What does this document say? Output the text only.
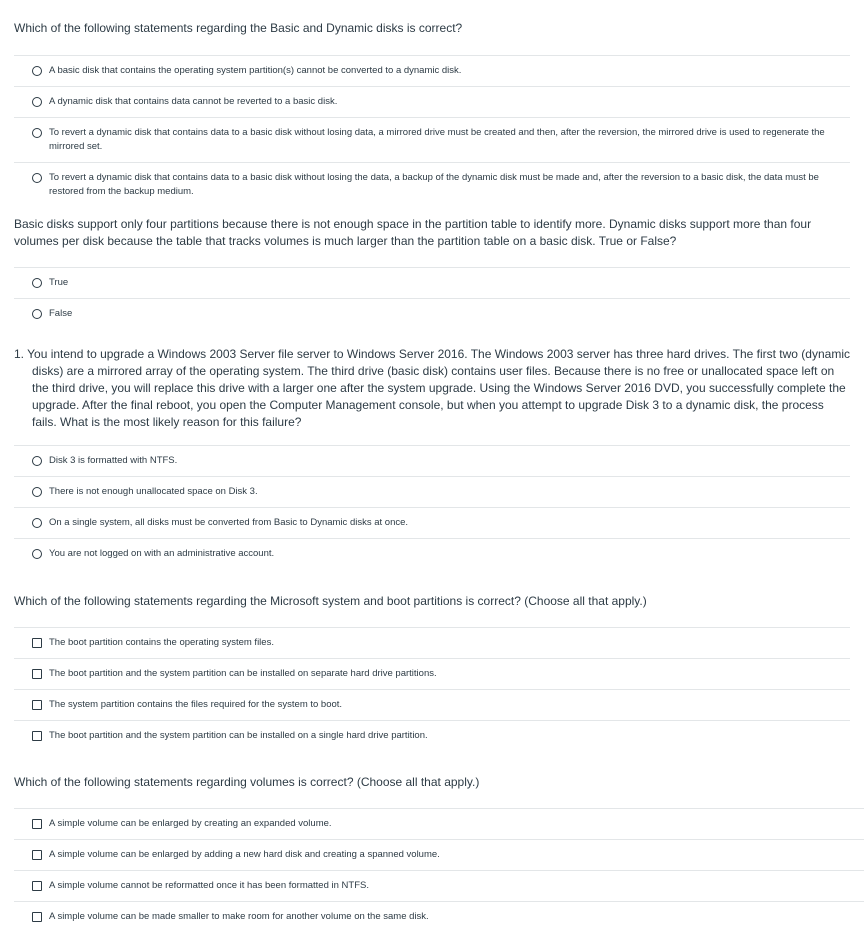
Which of the following statements regarding the Basic and Dynamic disks is correct?
A basic disk that contains the operating system partition(s) cannot be converted to a dynamic disk.
A dynamic disk that contains data cannot be reverted to a basic disk.
To revert a dynamic disk that contains data to a basic disk without losing data, a mirrored drive must be created and then, after the reversion, the mirrored drive is used to regenerate the mirrored set.
To revert a dynamic disk that contains data to a basic disk without losing the data, a backup of the dynamic disk must be made and, after the reversion to a basic disk, the data must be restored from the backup medium.
Basic disks support only four partitions because there is not enough space in the partition table to identify more. Dynamic disks support more than four volumes per disk because the table that tracks volumes is much larger than the partition table on a basic disk. True or False?
True
False
1. You intend to upgrade a Windows 2003 Server file server to Windows Server 2016. The Windows 2003 server has three hard drives. The first two (dynamic disks) are a mirrored array of the operating system. The third drive (basic disk) contains user files. Because there is no free or unallocated space left on the third drive, you will replace this drive with a larger one after the system upgrade. Using the Windows Server 2016 DVD, you successfully complete the upgrade. After the final reboot, you open the Computer Management console, but when you attempt to upgrade Disk 3 to a dynamic disk, the process fails. What is the most likely reason for this failure?
Disk 3 is formatted with NTFS.
There is not enough unallocated space on Disk 3.
On a single system, all disks must be converted from Basic to Dynamic disks at once.
You are not logged on with an administrative account.
Which of the following statements regarding the Microsoft system and boot partitions is correct? (Choose all that apply.)
The boot partition contains the operating system files.
The boot partition and the system partition can be installed on separate hard drive partitions.
The system partition contains the files required for the system to boot.
The boot partition and the system partition can be installed on a single hard drive partition.
Which of the following statements regarding volumes is correct? (Choose all that apply.)
A simple volume can be enlarged by creating an expanded volume.
A simple volume can be enlarged by adding a new hard disk and creating a spanned volume.
A simple volume cannot be reformatted once it has been formatted in NTFS.
A simple volume can be made smaller to make room for another volume on the same disk.
